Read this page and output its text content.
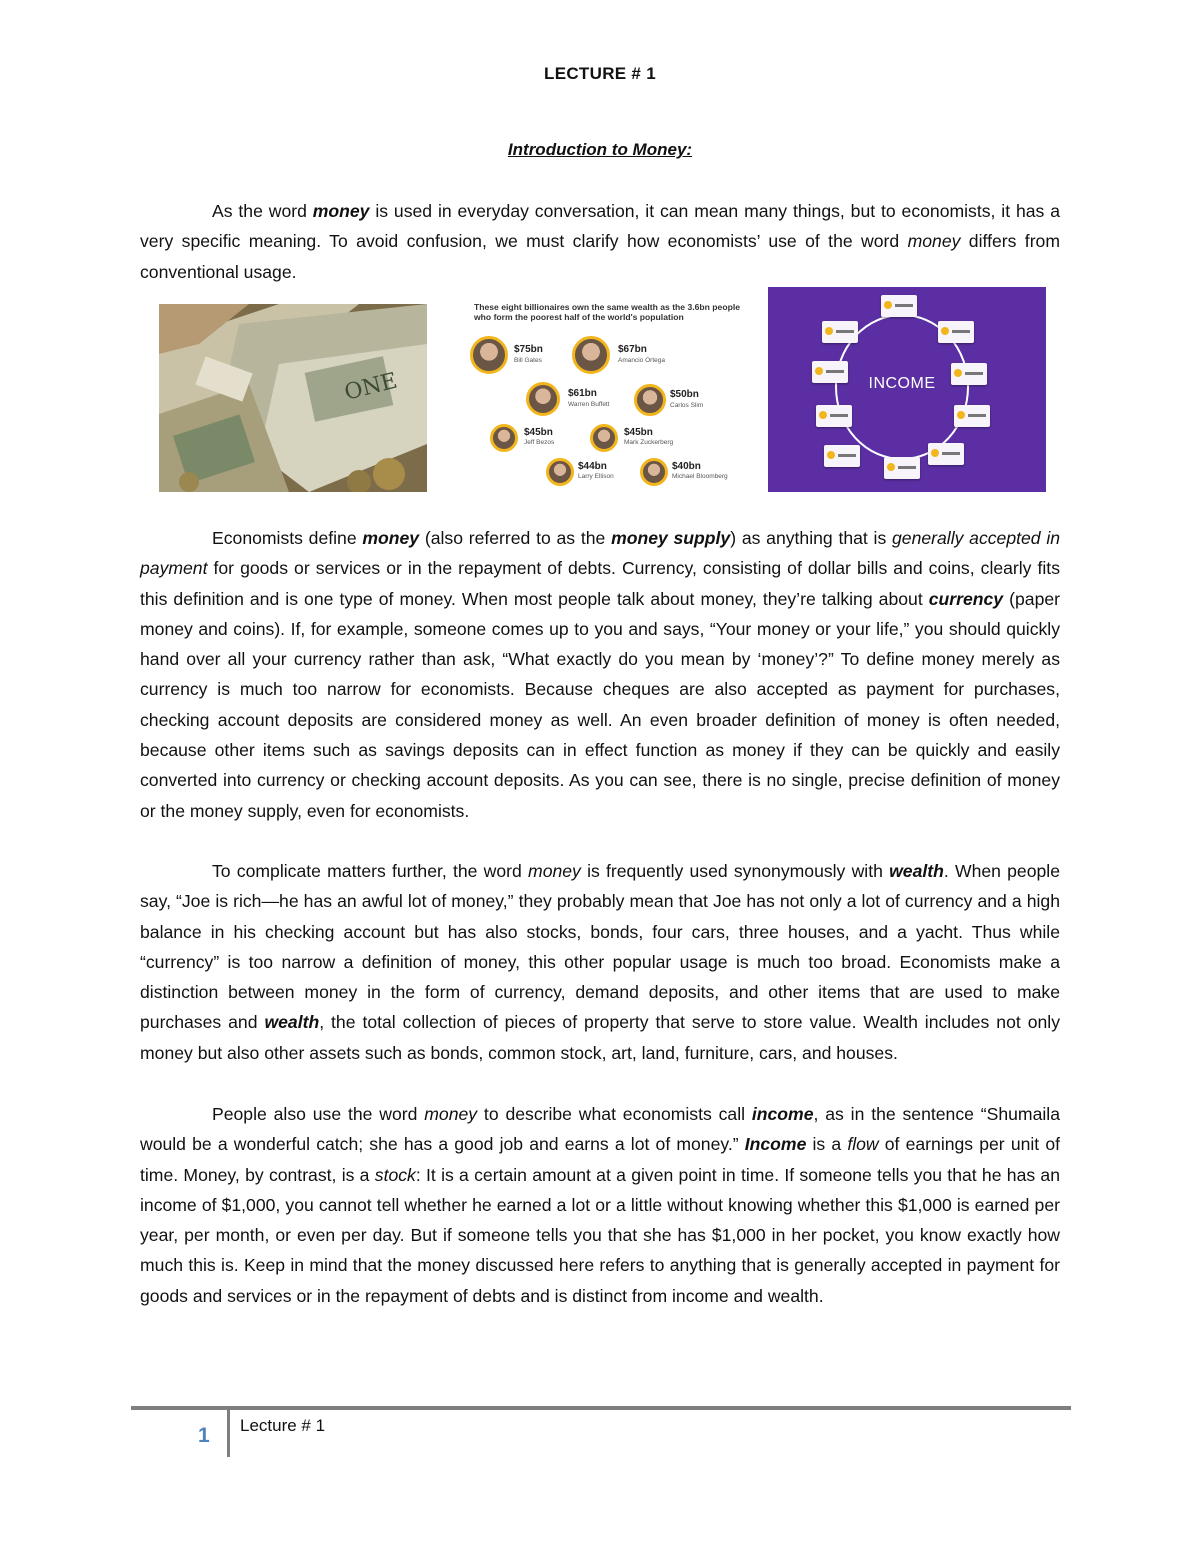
LECTURE # 1
Introduction to Money:

As the word money is used in everyday conversation, it can mean many things, but to economists, it has a very specific meaning. To avoid confusion, we must clarify how economists’ use of the word money differs from conventional usage.

ONE
These eight billionaires own the same wealth as the 3.6bn people who form the poorest half of the world's population
$75bn
Bill Gates
$67bn
Amancio Ortega
$61bn
Warren Buffett
$50bn
Carlos Slim
$45bn
Jeff Bezos
$45bn
Mark Zuckerberg
$44bn
Larry Ellison
$40bn
Michael Bloomberg
INCOME

Economists define money (also referred to as the money supply) as anything that is generally accepted in payment for goods or services or in the repayment of debts. Currency, consisting of dollar bills and coins, clearly fits this definition and is one type of money. When most people talk about money, they’re talking about currency (paper money and coins). If, for example, someone comes up to you and says, “Your money or your life,” you should quickly hand over all your currency rather than ask, “What exactly do you mean by ‘money’?” To define money merely as currency is much too narrow for economists. Because cheques are also accepted as payment for purchases, checking account deposits are considered money as well. An even broader definition of money is often needed, because other items such as savings deposits can in effect function as money if they can be quickly and easily converted into currency or checking account deposits. As you can see, there is no single, precise definition of money or the money supply, even for economists.

To complicate matters further, the word money is frequently used synonymously with wealth. When people say, “Joe is rich—he has an awful lot of money,” they probably mean that Joe has not only a lot of currency and a high balance in his checking account but has also stocks, bonds, four cars, three houses, and a yacht. Thus while “currency” is too narrow a definition of money, this other popular usage is much too broad. Economists make a distinction between money in the form of currency, demand deposits, and other items that are used to make purchases and wealth, the total collection of pieces of property that serve to store value. Wealth includes not only money but also other assets such as bonds, common stock, art, land, furniture, cars, and houses.

People also use the word money to describe what economists call income, as in the sentence “Shumaila would be a wonderful catch; she has a good job and earns a lot of money.” Income is a flow of earnings per unit of time. Money, by contrast, is a stock: It is a certain amount at a given point in time. If someone tells you that he has an income of $1,000, you cannot tell whether he earned a lot or a little without knowing whether this $1,000 is earned per year, per month, or even per day. But if someone tells you that she has $1,000 in her pocket, you know exactly how much this is. Keep in mind that the money discussed here refers to anything that is generally accepted in payment for goods and services or in the repayment of debts and is distinct from income and wealth.

1 Lecture # 1
